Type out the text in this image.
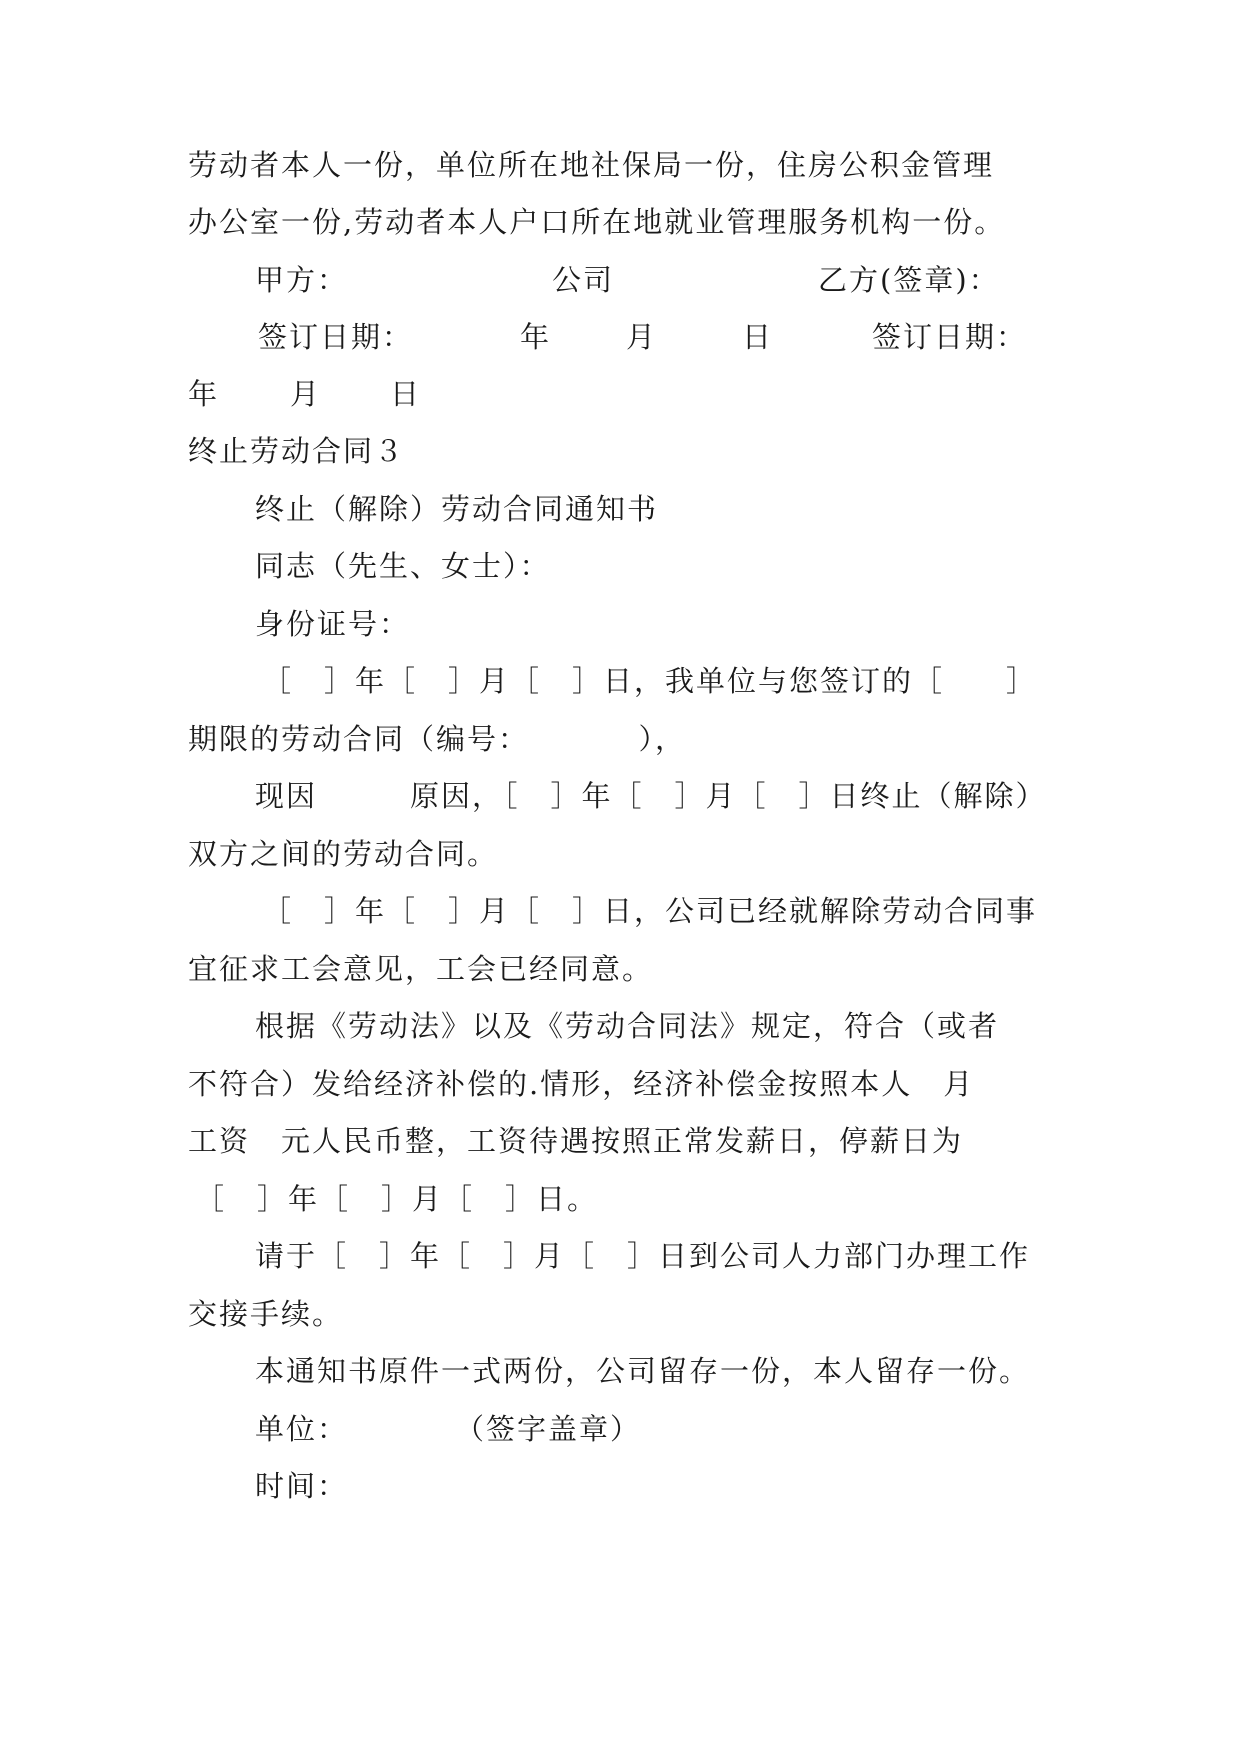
劳动者本人一份，单位所在地社保局一份，住房公积金管理
办公室一份,劳动者本人户口所在地就业管理服务机构一份。
甲方：	公司	乙方(签章)：
签订日期：	年	月	日	签订日期：
年 月 日
终止劳动合同３
终止（解除）劳动合同通知书
同志（先生、女士）：
身份证号：
［　］年［　］月［　］日，我单位与您签订的［　　］
期限的劳动合同（编号：　　　　），
现因　　　原因，［　］年［　］月［　］日终止（解除）
双方之间的劳动合同。
［　］年［　］月［　］日，公司已经就解除劳动合同事
宜征求工会意见，工会已经同意。
根据《劳动法》以及《劳动合同法》规定，符合（或者
不符合）发给经济补偿的.情形，经济补偿金按照本人　月
工资　元人民币整，工资待遇按照正常发薪日，停薪日为
［　］年［　］月［　］日。
请于［　］年［　］月［　］日到公司人力部门办理工作
交接手续。
本通知书原件一式两份，公司留存一份，本人留存一份。
单位：	（签字盖章）
时间：
